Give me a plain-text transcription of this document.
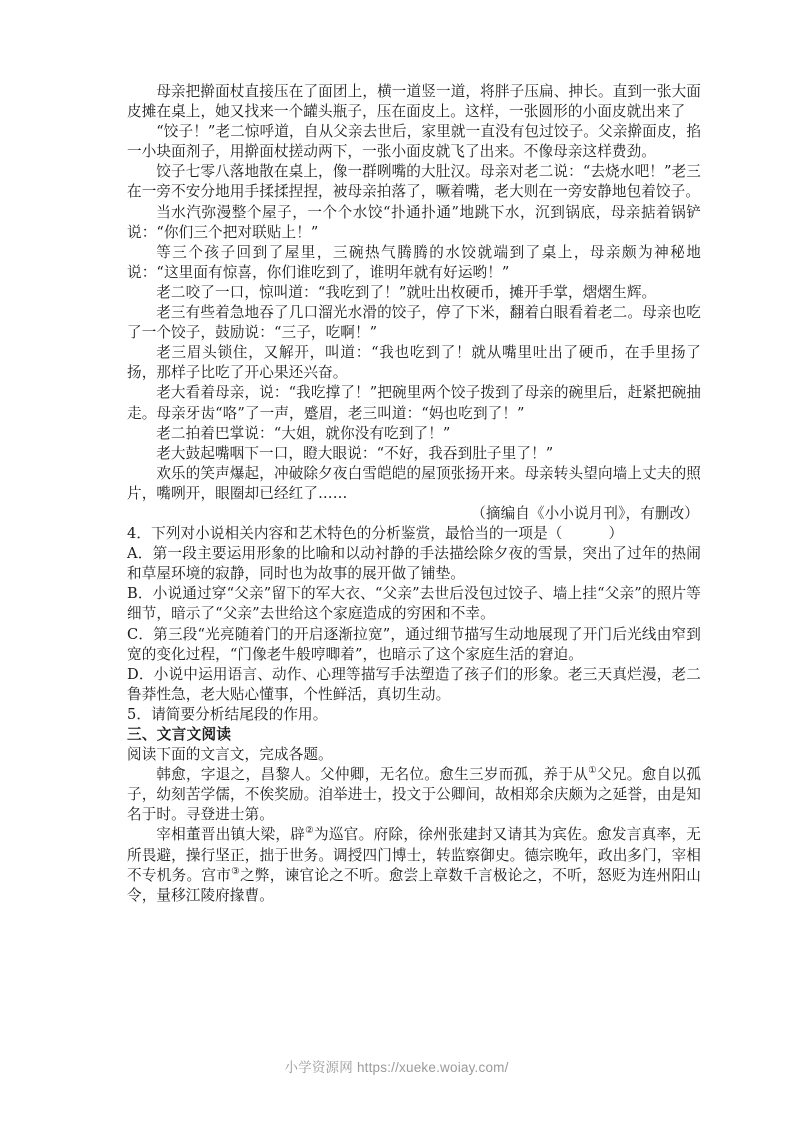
母亲把擀面杖直接压在了面团上，横一道竖一道，将胖子压扁、抻长。直到一张大面皮摊在桌上，她又找来一个罐头瓶子，压在面皮上。这样，一张圆形的小面皮就出来了

“饺子！”老二惊呼道，自从父亲去世后，家里就一直没有包过饺子。父亲擀面皮，掐一小块面剂子，用擀面杖搓动两下，一张小面皮就飞了出来。不像母亲这样费劲。

饺子七零八落地散在桌上，像一群咧嘴的大肚汉。母亲对老二说：“去烧水吧！”老三在一旁不安分地用手揉揉捏捏，被母亲拍落了，噘着嘴，老大则在一旁安静地包着饺子。

当水汽弥漫整个屋子，一个个水饺“扑通扑通”地跳下水，沉到锅底，母亲掂着锅铲说：“你们三个把对联贴上！”

等三个孩子回到了屋里，三碗热气腾腾的水饺就端到了桌上，母亲颇为神秘地说：“这里面有惊喜，你们谁吃到了，谁明年就有好运哟！”

老二咬了一口，惊叫道：“我吃到了！”就吐出枚硬币，摊开手掌，熠熠生辉。

老三有些着急地吞了几口溜光水滑的饺子，停了下米，翻着白眼看着老二。母亲也吃了一个饺子，鼓励说：“三子，吃啊！”

老三眉头锁住，又解开，叫道：“我也吃到了！就从嘴里吐出了硬币，在手里扬了扬，那样子比吃了开心果还兴奋。

老大看着母亲，说：“我吃撑了！”把碗里两个饺子拨到了母亲的碗里后，赶紧把碗抽走。母亲牙齿“咯”了一声，蹙眉，老三叫道：“妈也吃到了！”

老二拍着巴掌说：“大姐，就你没有吃到了！”

老大鼓起嘴咽下一口，瞪大眼说：“不好，我吞到肚子里了！”

欢乐的笑声爆起，冲破除夕夜白雪皑皑的屋顶张扬开来。母亲转头望向墙上丈夫的照片，嘴咧开，眼圈却已经红了……

（摘编自《小小说月刊》，有删改）

4．下列对小说相关内容和艺术特色的分析鉴赏，最恰当的一项是（	）

A．第一段主要运用形象的比喻和以动衬静的手法描绘除夕夜的雪景，突出了过年的热闹和草屋环境的寂静，同时也为故事的展开做了铺垫。

B．小说通过穿“父亲”留下的军大衣、“父亲”去世后没包过饺子、墙上挂“父亲”的照片等细节，暗示了“父亲”去世给这个家庭造成的穷困和不幸。

C．第三段“光亮随着门的开启逐渐拉宽”，通过细节描写生动地展现了开门后光线由窄到宽的变化过程，“门像老牛般哼唧着”，也暗示了这个家庭生活的窘迫。

D．小说中运用语言、动作、心理等描写手法塑造了孩子们的形象。老三天真烂漫，老二鲁莽性急，老大贴心懂事，个性鲜活，真切生动。

5．请简要分析结尾段的作用。

三、文言文阅读

阅读下面的文言文，完成各题。

韩愈，字退之，昌黎人。父仲卿，无名位。愈生三岁而孤，养于从①父兄。愈自以孤子，幼刻苦学儒，不俟奖励。洎举进士，投文于公卿间，故相郑余庆颇为之延誉，由是知名于时。寻登进士第。

宰相董晋出镇大梁，辟②为巡官。府除，徐州张建封又请其为宾佐。愈发言真率，无所畏避，操行坚正，拙于世务。调授四门博士，转监察御史。德宗晚年，政出多门，宰相不专机务。宫市③之弊，谏官论之不听。愈尝上章数千言极论之，不听，怒贬为连州阳山令，量移江陵府掾曹。

小学资源网 https://xueke.woiay.com/
